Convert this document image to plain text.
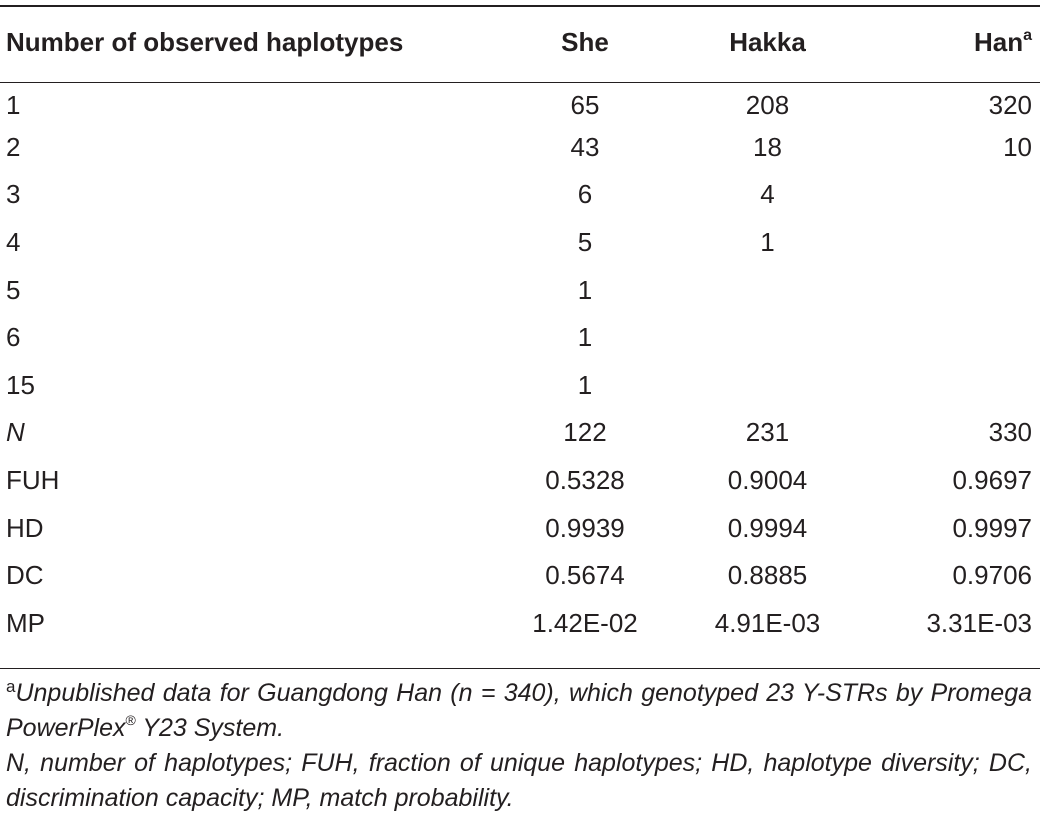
Number of observed haplotypes	She	Hakka	Han$^a$
1	65	208	320
2	43	18	10
3	6	4	
4	5	1	
5	1		
6	1		
15	1		
N	122	231	330
FUH	0.5328	0.9004	0.9697
HD	0.9939	0.9994	0.9997
DC	0.5674	0.8885	0.9706
MP	1.42E-02	4.91E-03	3.31E-03

$^a$Unpublished data for Guangdong Han (n = 340), which genotyped 23 Y-STRs by Promega PowerPlex® Y23 System.

N, number of haplotypes; FUH, fraction of unique haplotypes; HD, haplotype diversity; DC, discrimination capacity; MP, match probability.
